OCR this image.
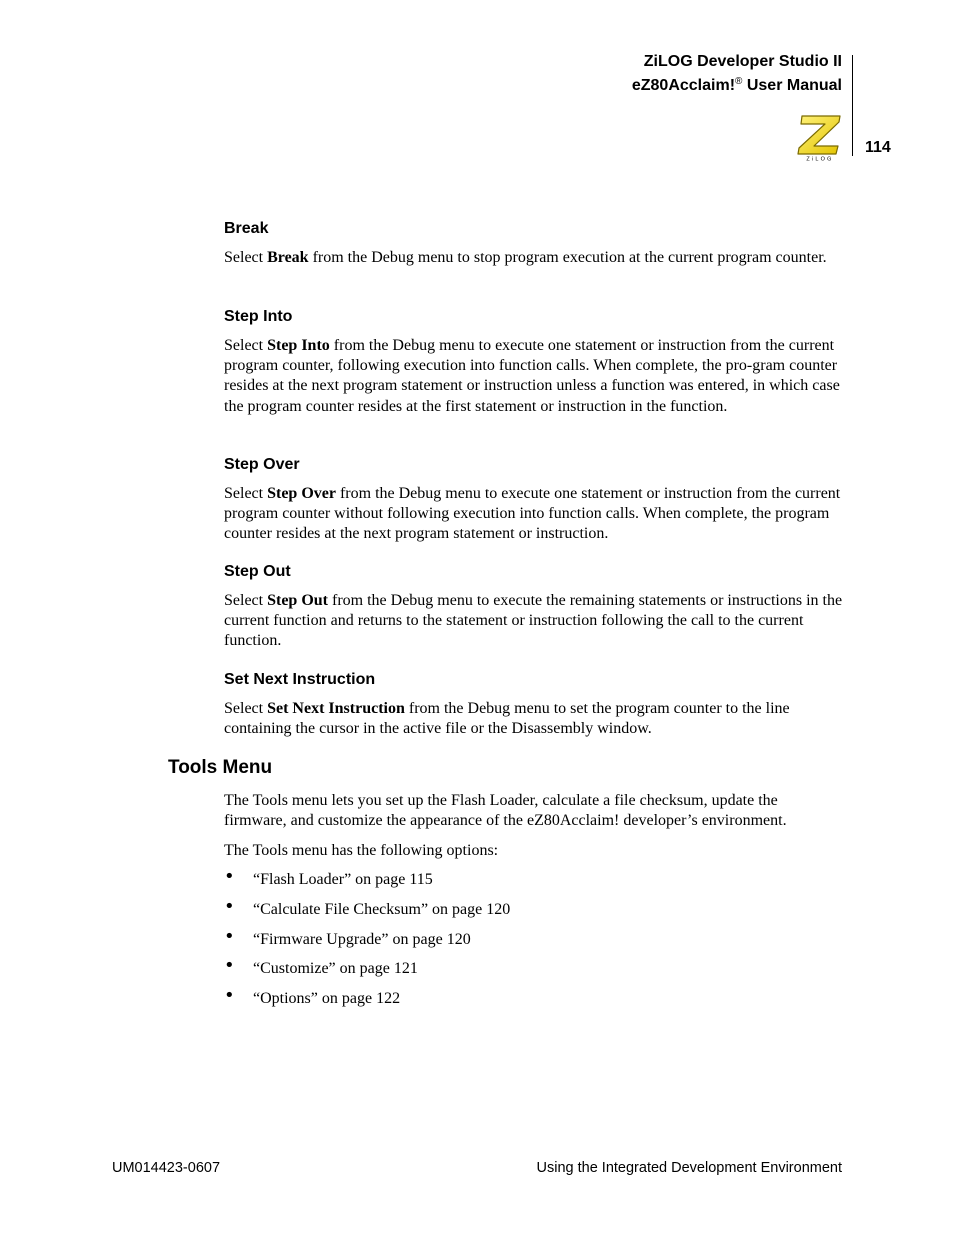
ZiLOG Developer Studio II
eZ80Acclaim!® User Manual
ZiLOG
114
Break
Select Break from the Debug menu to stop program execution at the current program counter.
Step Into
Select Step Into from the Debug menu to execute one statement or instruction from the current program counter, following execution into function calls. When complete, the pro-gram counter resides at the next program statement or instruction unless a function was entered, in which case the program counter resides at the first statement or instruction in the function.
Step Over
Select Step Over from the Debug menu to execute one statement or instruction from the current program counter without following execution into function calls. When complete, the program counter resides at the next program statement or instruction.
Step Out
Select Step Out from the Debug menu to execute the remaining statements or instructions in the current function and returns to the statement or instruction following the call to the current function.
Set Next Instruction
Select Set Next Instruction from the Debug menu to set the program counter to the line containing the cursor in the active file or the Disassembly window.
Tools Menu
The Tools menu lets you set up the Flash Loader, calculate a file checksum, update the firmware, and customize the appearance of the eZ80Acclaim! developer’s environment.
The Tools menu has the following options:
• “Flash Loader” on page 115
• “Calculate File Checksum” on page 120
• “Firmware Upgrade” on page 120
• “Customize” on page 121
• “Options” on page 122
UM014423-0607	Using the Integrated Development Environment
